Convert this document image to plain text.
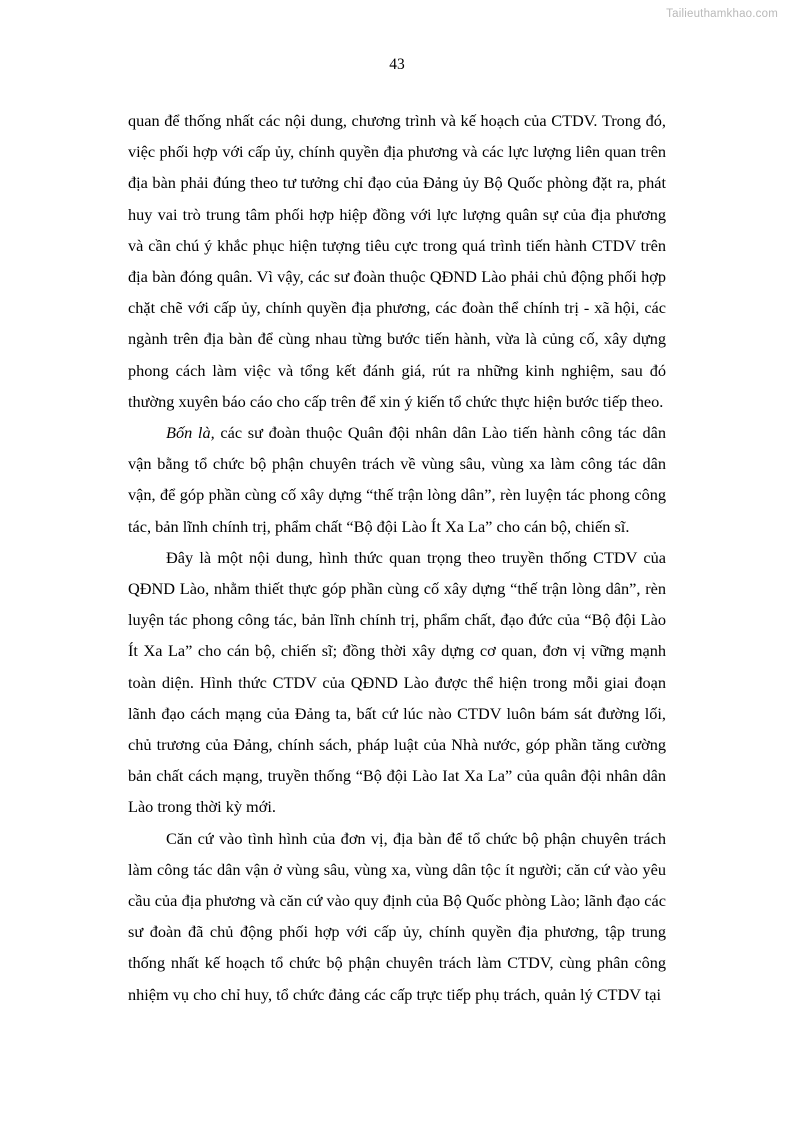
Tailieuthamkhao.com
43

quan để thống nhất các nội dung, chương trình và kế hoạch của CTDV. Trong đó, việc phối hợp với cấp ủy, chính quyền địa phương và các lực lượng liên quan trên địa bàn phải đúng theo tư tưởng chỉ đạo của Đảng ủy Bộ Quốc phòng đặt ra, phát huy vai trò trung tâm phối hợp hiệp đồng với lực lượng quân sự của địa phương và cần chú ý khắc phục hiện tượng tiêu cực trong quá trình tiến hành CTDV trên địa bàn đóng quân. Vì vậy, các sư đoàn thuộc QĐND Lào phải chủ động phối hợp chặt chẽ với cấp ủy, chính quyền địa phương, các đoàn thể chính trị - xã hội, các ngành trên địa bàn để cùng nhau từng bước tiến hành, vừa là củng cố, xây dựng phong cách làm việc và tổng kết đánh giá, rút ra những kinh nghiệm, sau đó thường xuyên báo cáo cho cấp trên để xin ý kiến tổ chức thực hiện bước tiếp theo.

Bốn là, các sư đoàn thuộc Quân đội nhân dân Lào tiến hành công tác dân vận bằng tổ chức bộ phận chuyên trách về vùng sâu, vùng xa làm công tác dân vận, để góp phần cùng cố xây dựng “thế trận lòng dân”, rèn luyện tác phong công tác, bản lĩnh chính trị, phẩm chất “Bộ đội Lào Ít Xa La” cho cán bộ, chiến sĩ.

Đây là một nội dung, hình thức quan trọng theo truyền thống CTDV của QĐND Lào, nhằm thiết thực góp phần cùng cố xây dựng “thế trận lòng dân”, rèn luyện tác phong công tác, bản lĩnh chính trị, phẩm chất, đạo đức của “Bộ đội Lào Ít Xa La” cho cán bộ, chiến sĩ; đồng thời xây dựng cơ quan, đơn vị vững mạnh toàn diện. Hình thức CTDV của QĐND Lào được thể hiện trong mỗi giai đoạn lãnh đạo cách mạng của Đảng ta, bất cứ lúc nào CTDV luôn bám sát đường lối, chủ trương của Đảng, chính sách, pháp luật của Nhà nước, góp phần tăng cường bản chất cách mạng, truyền thống “Bộ đội Lào Iat Xa La” của quân đội nhân dân Lào trong thời kỳ mới.

Căn cứ vào tình hình của đơn vị, địa bàn để tổ chức bộ phận chuyên trách làm công tác dân vận ở vùng sâu, vùng xa, vùng dân tộc ít người; căn cứ vào yêu cầu của địa phương và căn cứ vào quy định của Bộ Quốc phòng Lào; lãnh đạo các sư đoàn đã chủ động phối hợp với cấp ủy, chính quyền địa phương, tập trung thống nhất kế hoạch tổ chức bộ phận chuyên trách làm CTDV, cùng phân công nhiệm vụ cho chỉ huy, tổ chức đảng các cấp trực tiếp phụ trách, quản lý CTDV tại
